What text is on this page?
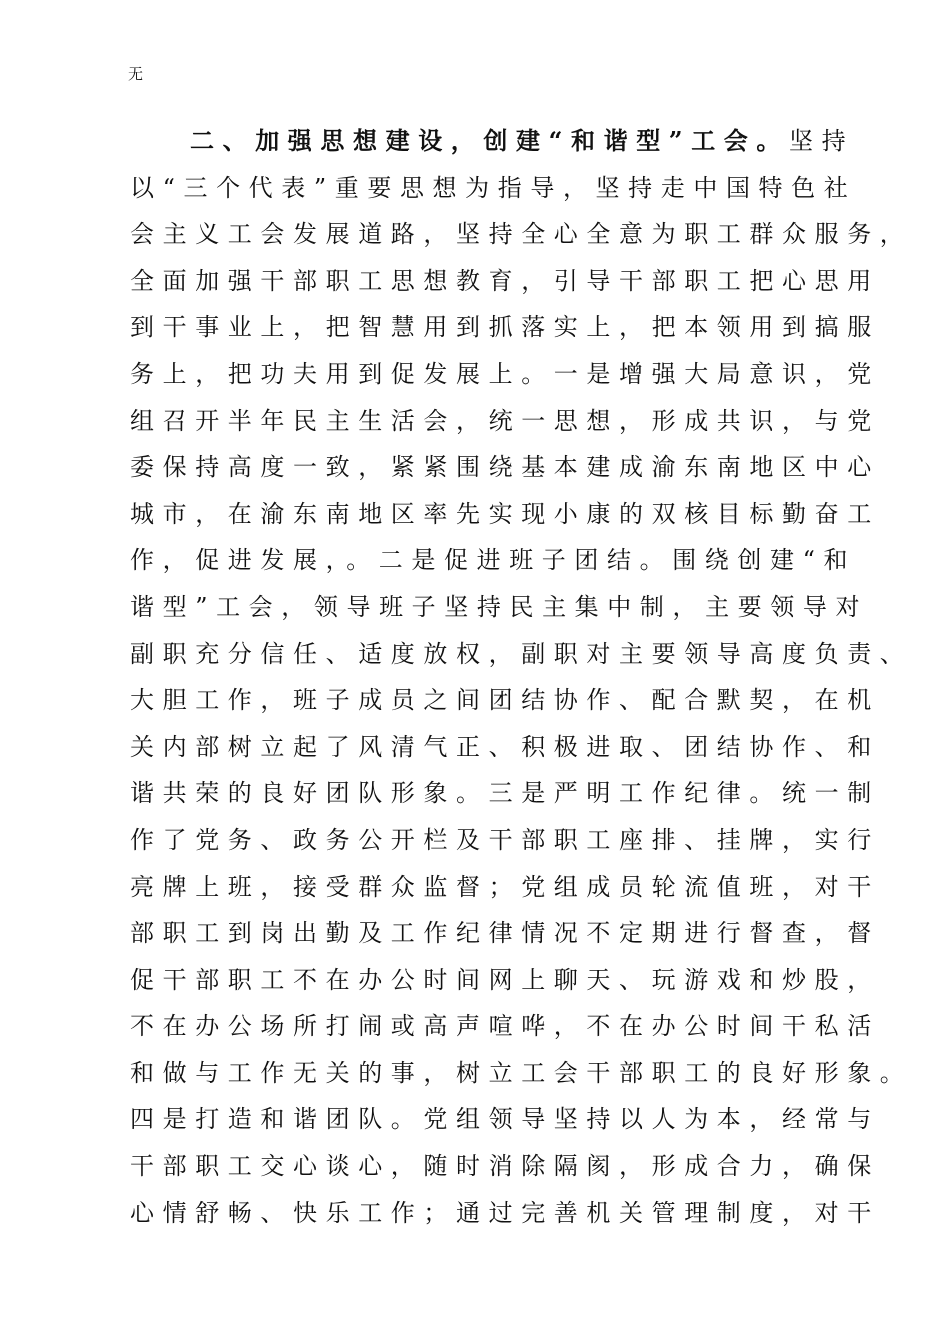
无
二、加强思想建设，创建“和谐型”工会。坚持
以“三个代表”重要思想为指导，坚持走中国特色社
会主义工会发展道路，坚持全心全意为职工群众服务，
全面加强干部职工思想教育，引导干部职工把心思用
到干事业上，把智慧用到抓落实上，把本领用到搞服
务上，把功夫用到促发展上。一是增强大局意识，党
组召开半年民主生活会，统一思想，形成共识，与党
委保持高度一致，紧紧围绕基本建成渝东南地区中心
城市，在渝东南地区率先实现小康的双核目标勤奋工
作，促进发展，。二是促进班子团结。围绕创建“和
谐型”工会，领导班子坚持民主集中制，主要领导对
副职充分信任、适度放权，副职对主要领导高度负责、
大胆工作，班子成员之间团结协作、配合默契，在机
关内部树立起了风清气正、积极进取、团结协作、和
谐共荣的良好团队形象。三是严明工作纪律。统一制
作了党务、政务公开栏及干部职工座排、挂牌，实行
亮牌上班，接受群众监督；党组成员轮流值班，对干
部职工到岗出勤及工作纪律情况不定期进行督查，督
促干部职工不在办公时间网上聊天、玩游戏和炒股，
不在办公场所打闹或高声喧哗，不在办公时间干私活
和做与工作无关的事，树立工会干部职工的良好形象。
四是打造和谐团队。党组领导坚持以人为本，经常与
干部职工交心谈心，随时消除隔阂，形成合力，确保
心情舒畅、快乐工作；通过完善机关管理制度，对干
